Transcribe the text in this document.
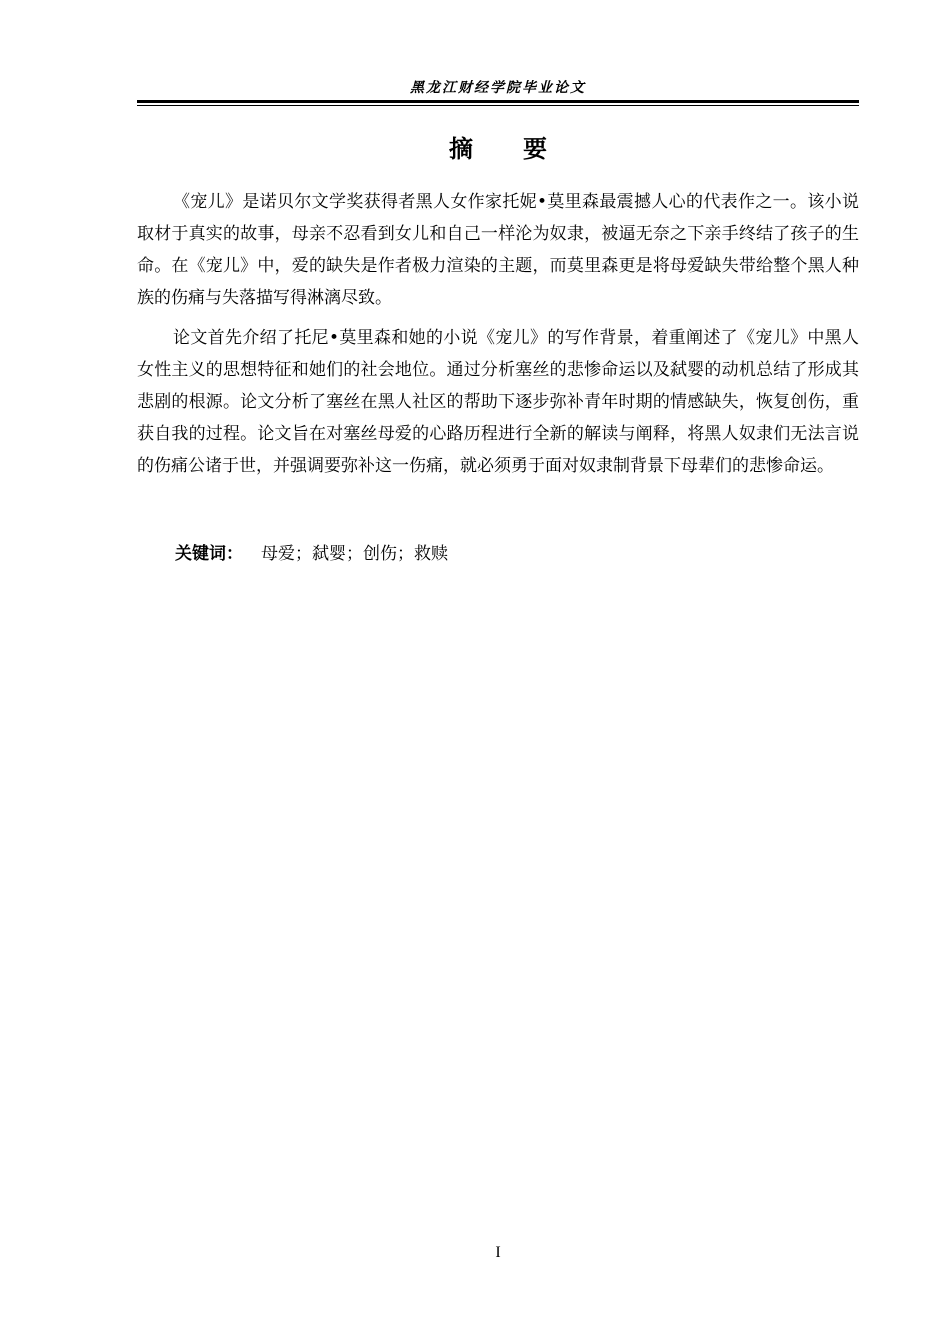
黑龙江财经学院毕业论文
摘要

《宠儿》是诺贝尔文学奖获得者黑人女作家托妮•莫里森最震撼人心的代表作之一。该小说取材于真实的故事，母亲不忍看到女儿和自己一样沦为奴隶，被逼无奈之下亲手终结了孩子的生命。在《宠儿》中，爱的缺失是作者极力渲染的主题，而莫里森更是将母爱缺失带给整个黑人种族的伤痛与失落描写得淋漓尽致。

论文首先介绍了托尼•莫里森和她的小说《宠儿》的写作背景，着重阐述了《宠儿》中黑人女性主义的思想特征和她们的社会地位。通过分析塞丝的悲惨命运以及弑婴的动机总结了形成其悲剧的根源。论文分析了塞丝在黑人社区的帮助下逐步弥补青年时期的情感缺失，恢复创伤，重获自我的过程。论文旨在对塞丝母爱的心路历程进行全新的解读与阐释，将黑人奴隶们无法言说的伤痛公诸于世，并强调要弥补这一伤痛，就必须勇于面对奴隶制背景下母辈们的悲惨命运。

关键词： 母爱；弑婴；创伤；救赎
I
